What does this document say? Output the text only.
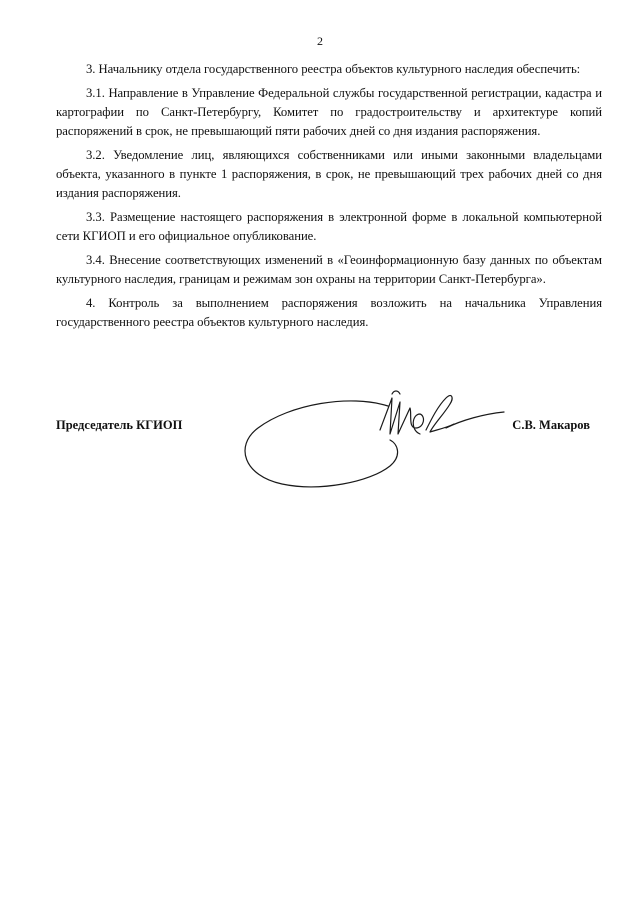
2

3. Начальнику отдела государственного реестра объектов культурного наследия обеспечить:

3.1. Направление в Управление Федеральной службы государственной регистрации, кадастра и картографии по Санкт-Петербургу, Комитет по градостроительству и архитектуре копий распоряжений в срок, не превышающий пяти рабочих дней со дня издания распоряжения.

3.2. Уведомление лиц, являющихся собственниками или иными законными владельцами объекта, указанного в пункте 1 распоряжения, в срок, не превышающий трех рабочих дней со дня издания распоряжения.

3.3. Размещение настоящего распоряжения в электронной форме в локальной компьютерной сети КГИОП и его официальное опубликование.

3.4. Внесение соответствующих изменений в «Геоинформационную базу данных по объектам культурного наследия, границам и режимам зон охраны на территории Санкт-Петербурга».

4. Контроль за выполнением распоряжения возложить на начальника Управления государственного реестра объектов культурного наследия.

Председатель КГИОП	С.В. Макаров
